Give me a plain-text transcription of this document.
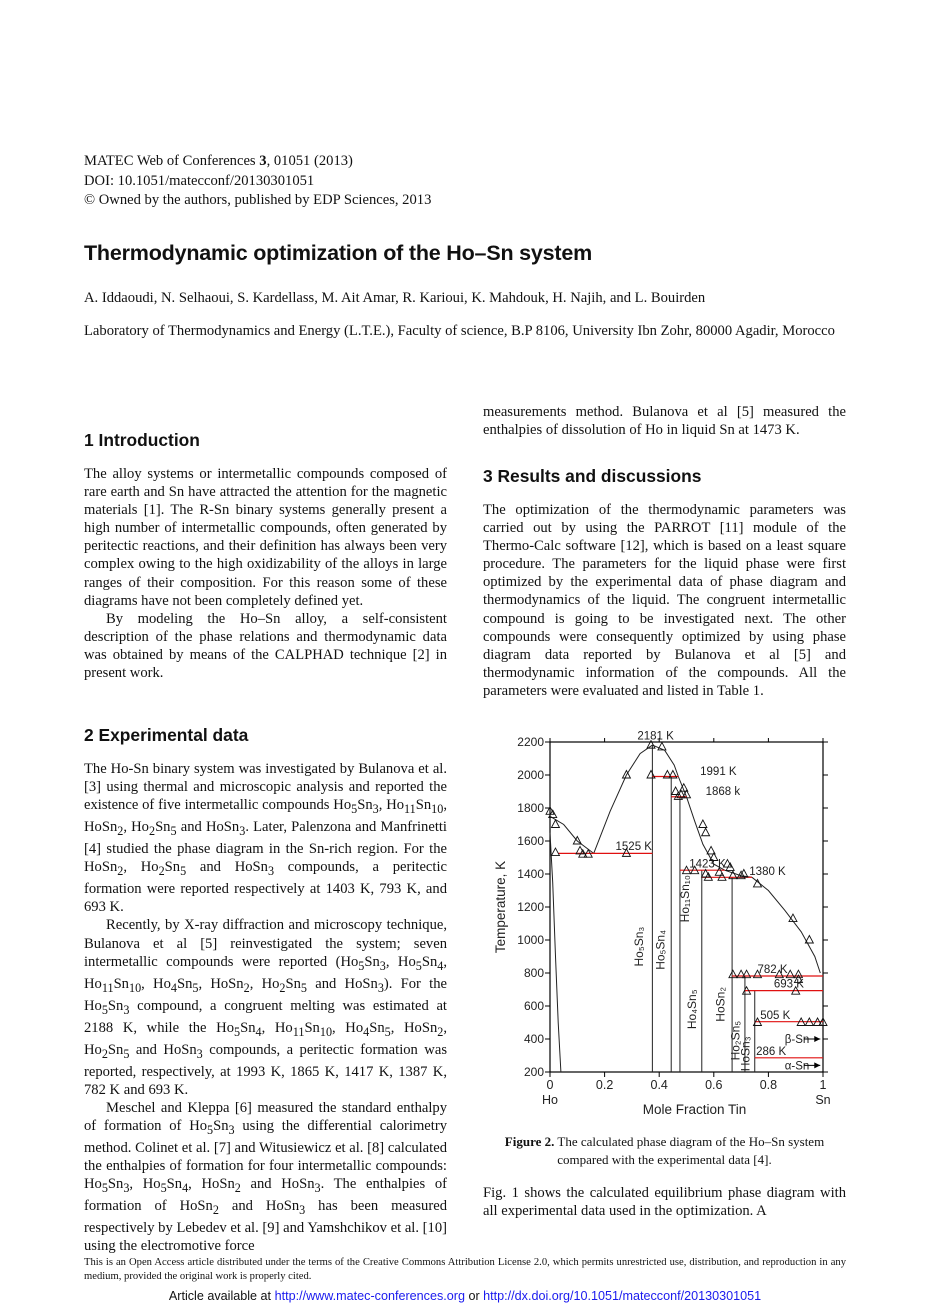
MATEC Web of Conferences 3, 01051 (2013)
DOI: 10.1051/matecconf/20130301051
© Owned by the authors, published by EDP Sciences, 2013
Thermodynamic optimization of the Ho–Sn system
A. Iddaoudi, N. Selhaoui, S. Kardellass, M. Ait Amar, R. Karioui, K. Mahdouk, H. Najih, and L. Bouirden
Laboratory of Thermodynamics and Energy (L.T.E.), Faculty of science, B.P 8106, University Ibn Zohr, 80000 Agadir, Morocco
1 Introduction

The alloy systems or intermetallic compounds composed of rare earth and Sn have attracted the attention for the magnetic materials [1]. The R-Sn binary systems generally present a high number of intermetallic compounds, often generated by peritectic reactions, and their definition has always been very complex owing to the high oxidizability of the alloys in large ranges of their composition. For this reason some of these diagrams have not been completely defined yet.

By modeling the Ho–Sn alloy, a self-consistent description of the phase relations and thermodynamic data was obtained by means of the CALPHAD technique [2] in present work.

2 Experimental data

The Ho-Sn binary system was investigated by Bulanova et al. [3] using thermal and microscopic analysis and reported the existence of five intermetallic compounds $Ho_5Sn_3$, $Ho_{11}Sn_{10}$, HoSn$_2$, $Ho_2Sn_5$ and HoSn$_3$. Later, Palenzona and Manfrinetti [4] studied the phase diagram in the Sn-rich region. For the HoSn$_2$, $Ho_2Sn_5$ and HoSn$_3$ compounds, a peritectic formation were reported respectively at 1403 K, 793 K, and 693 K.

Recently, by X-ray diffraction and microscopy technique, Bulanova et al [5] reinvestigated the system; seven intermetallic compounds were reported ($Ho_5Sn_3$, $Ho_5Sn_4$, $Ho_{11}Sn_{10}$, $Ho_4Sn_5$, HoSn$_2$, $Ho_2Sn_5$ and HoSn$_3$). For the $Ho_5Sn_3$ compound, a congruent melting was estimated at 2188 K, while the $Ho_5Sn_4$, $Ho_{11}Sn_{10}$, $Ho_4Sn_5$, HoSn$_2$, $Ho_2Sn_5$ and HoSn$_3$ compounds, a peritectic formation was reported, respectively, at 1993 K, 1865 K, 1417 K, 1387 K, 782 K and 693 K.

Meschel and Kleppa [6] measured the standard enthalpy of formation of $Ho_5Sn_3$ using the differential calorimetry method. Colinet et al. [7] and Witusiewicz et al. [8] calculated the enthalpies of formation for four intermetallic compounds: $Ho_5Sn_3$, $Ho_5Sn_4$, HoSn$_2$ and HoSn$_3$. The enthalpies of formation of HoSn$_2$ and HoSn$_3$ has been measured respectively by Lebedev et al. [9] and Yamshchikov et al. [10] using the electromotive force

measurements method. Bulanova et al [5] measured the enthalpies of dissolution of Ho in liquid Sn at 1473 K.

3 Results and discussions

The optimization of the thermodynamic parameters was carried out by using the PARROT [11] module of the Thermo-Calc software [12], which is based on a least square procedure. The parameters for the liquid phase were first optimized by the experimental data of phase diagram and thermodynamics of the liquid. The congruent intermetallic compound is going to be investigated next. The other compounds were consequently optimized by using phase diagram data reported by Bulanova et al [5] and thermodynamic information of the compounds. All the parameters were evaluated and listed in Table 1.

200
400
600
800
1000
1200
1400
1600
1800
2000
2200
0	0.2	0.4	0.6	0.8	1
Ho	Sn
Mole Fraction Tin
Temperature, K	Ho₅Sn₃ Ho₅Sn₄
Ho₁₁Sn₁₀
Ho₄Sn₅ HoSn₂
Ho₂Sn₅
HoSn₃
2181 K
1991 K
1868 k
1525 K
1423 K
1380 K
782 K
693 K
505 K
286 K
β-Sn
α-Sn
Figure 2. The calculated phase diagram of the Ho–Sn system compared with the experimental data [4].

Fig. 1 shows the calculated equilibrium phase diagram with all experimental data used in the optimization. A

This is an Open Access article distributed under the terms of the Creative Commons Attribution License 2.0, which permits unrestricted use, distribution, and reproduction in any medium, provided the original work is properly cited.
Article available at http://www.matec-conferences.org or http://dx.doi.org/10.1051/matecconf/20130301051
